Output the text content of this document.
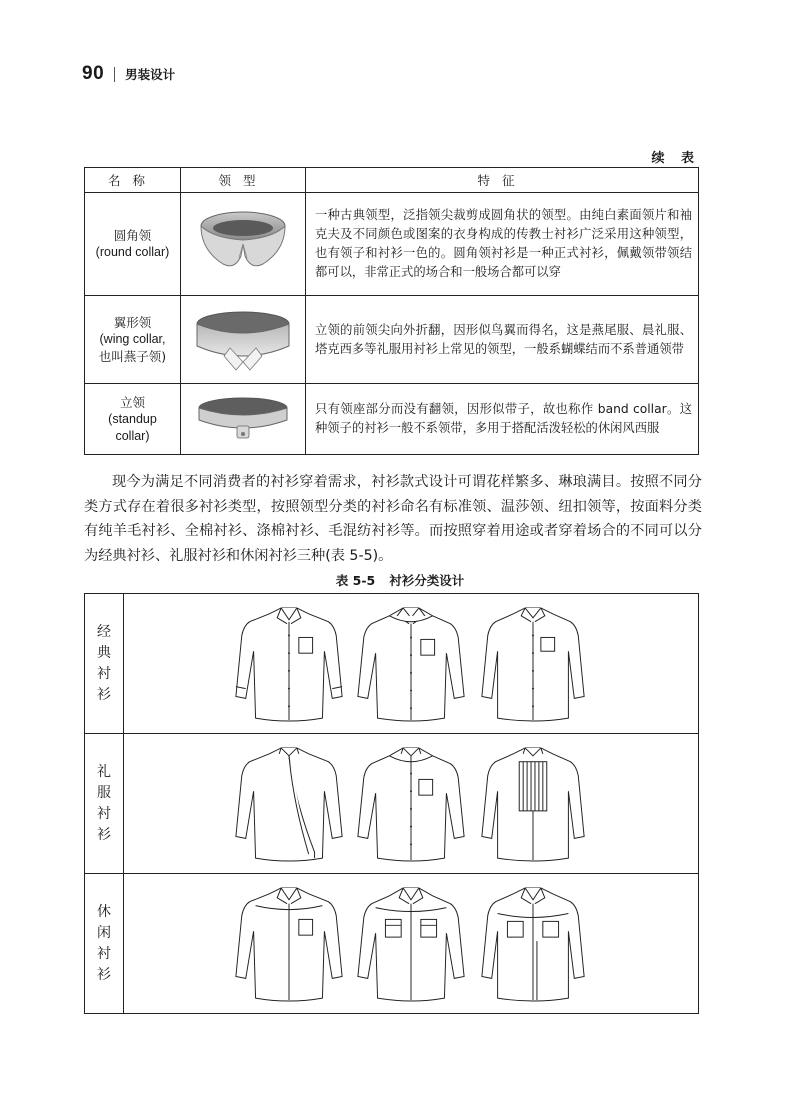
90 男装设计
续 表
名称	领型	特征

圆角领
(round collar)		一种古典领型，泛指领尖裁剪成圆角状的领型。由纯白素面领片和袖克夫及不同颜色或图案的衣身构成的传教士衬衫广泛采用这种领型，也有领子和衬衫一色的。圆角领衬衫是一种正式衬衫，佩戴领带领结都可以，非常正式的场合和一般场合都可以穿

翼形领
(wing collar,
也叫燕子领)		立领的前领尖向外折翻，因形似鸟翼而得名，这是燕尾服、晨礼服、塔克西多等礼服用衬衫上常见的领型，一般系蝴蝶结而不系普通领带

立领
(standup
collar)		只有领座部分而没有翻领，因形似带子，故也称作 band collar。这种领子的衬衫一般不系领带，多用于搭配活泼轻松的休闲风西服
现今为满足不同消费者的衬衫穿着需求，衬衫款式设计可谓花样繁多、琳琅满目。按照不同分类方式存在着很多衬衫类型，按照领型分类的衬衫命名有标准领、温莎领、纽扣领等，按面料分类有纯羊毛衬衫、全棉衬衫、涤棉衬衫、毛混纺衬衫等。而按照穿着用途或者穿着场合的不同可以分为经典衬衫、礼服衬衫和休闲衬衫三种(表 5-5)。
表 5-5 衬衫分类设计
经
典
衬
衫

礼
服
衬
衫

休
闲
衬
衫
